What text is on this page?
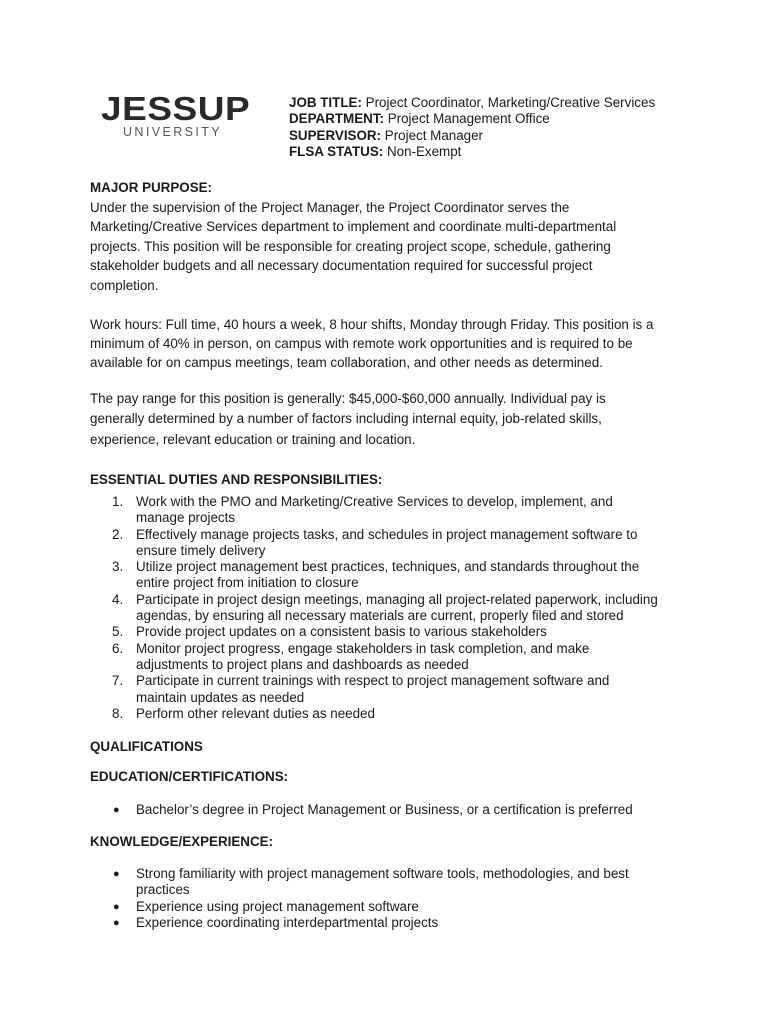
JESSUP
UNIVERSITY
JOB TITLE: Project Coordinator, Marketing/Creative Services
DEPARTMENT: Project Management Office
SUPERVISOR: Project Manager
FLSA STATUS: Non-Exempt
MAJOR PURPOSE:
Under the supervision of the Project Manager, the Project Coordinator serves the
Marketing/Creative Services department to implement and coordinate multi-departmental
projects. This position will be responsible for creating project scope, schedule, gathering
stakeholder budgets and all necessary documentation required for successful project
completion.
Work hours: Full time, 40 hours a week, 8 hour shifts, Monday through Friday. This position is a
minimum of 40% in person, on campus with remote work opportunities and is required to be
available for on campus meetings, team collaboration, and other needs as determined.
The pay range for this position is generally: $45,000-$60,000 annually. Individual pay is
generally determined by a number of factors including internal equity, job-related skills,
experience, relevant education or training and location.
ESSENTIAL DUTIES AND RESPONSIBILITIES:
1. Work with the PMO and Marketing/Creative Services to develop, implement, and
manage projects
2. Effectively manage projects tasks, and schedules in project management software to
ensure timely delivery
3. Utilize project management best practices, techniques, and standards throughout the
entire project from initiation to closure
4. Participate in project design meetings, managing all project-related paperwork, including
agendas, by ensuring all necessary materials are current, properly filed and stored
5. Provide project updates on a consistent basis to various stakeholders
6. Monitor project progress, engage stakeholders in task completion, and make
adjustments to project plans and dashboards as needed
7. Participate in current trainings with respect to project management software and
maintain updates as needed
8. Perform other relevant duties as needed
QUALIFICATIONS
EDUCATION/CERTIFICATIONS:
● Bachelor’s degree in Project Management or Business, or a certification is preferred
KNOWLEDGE/EXPERIENCE:
● Strong familiarity with project management software tools, methodologies, and best
practices
● Experience using project management software
● Experience coordinating interdepartmental projects
